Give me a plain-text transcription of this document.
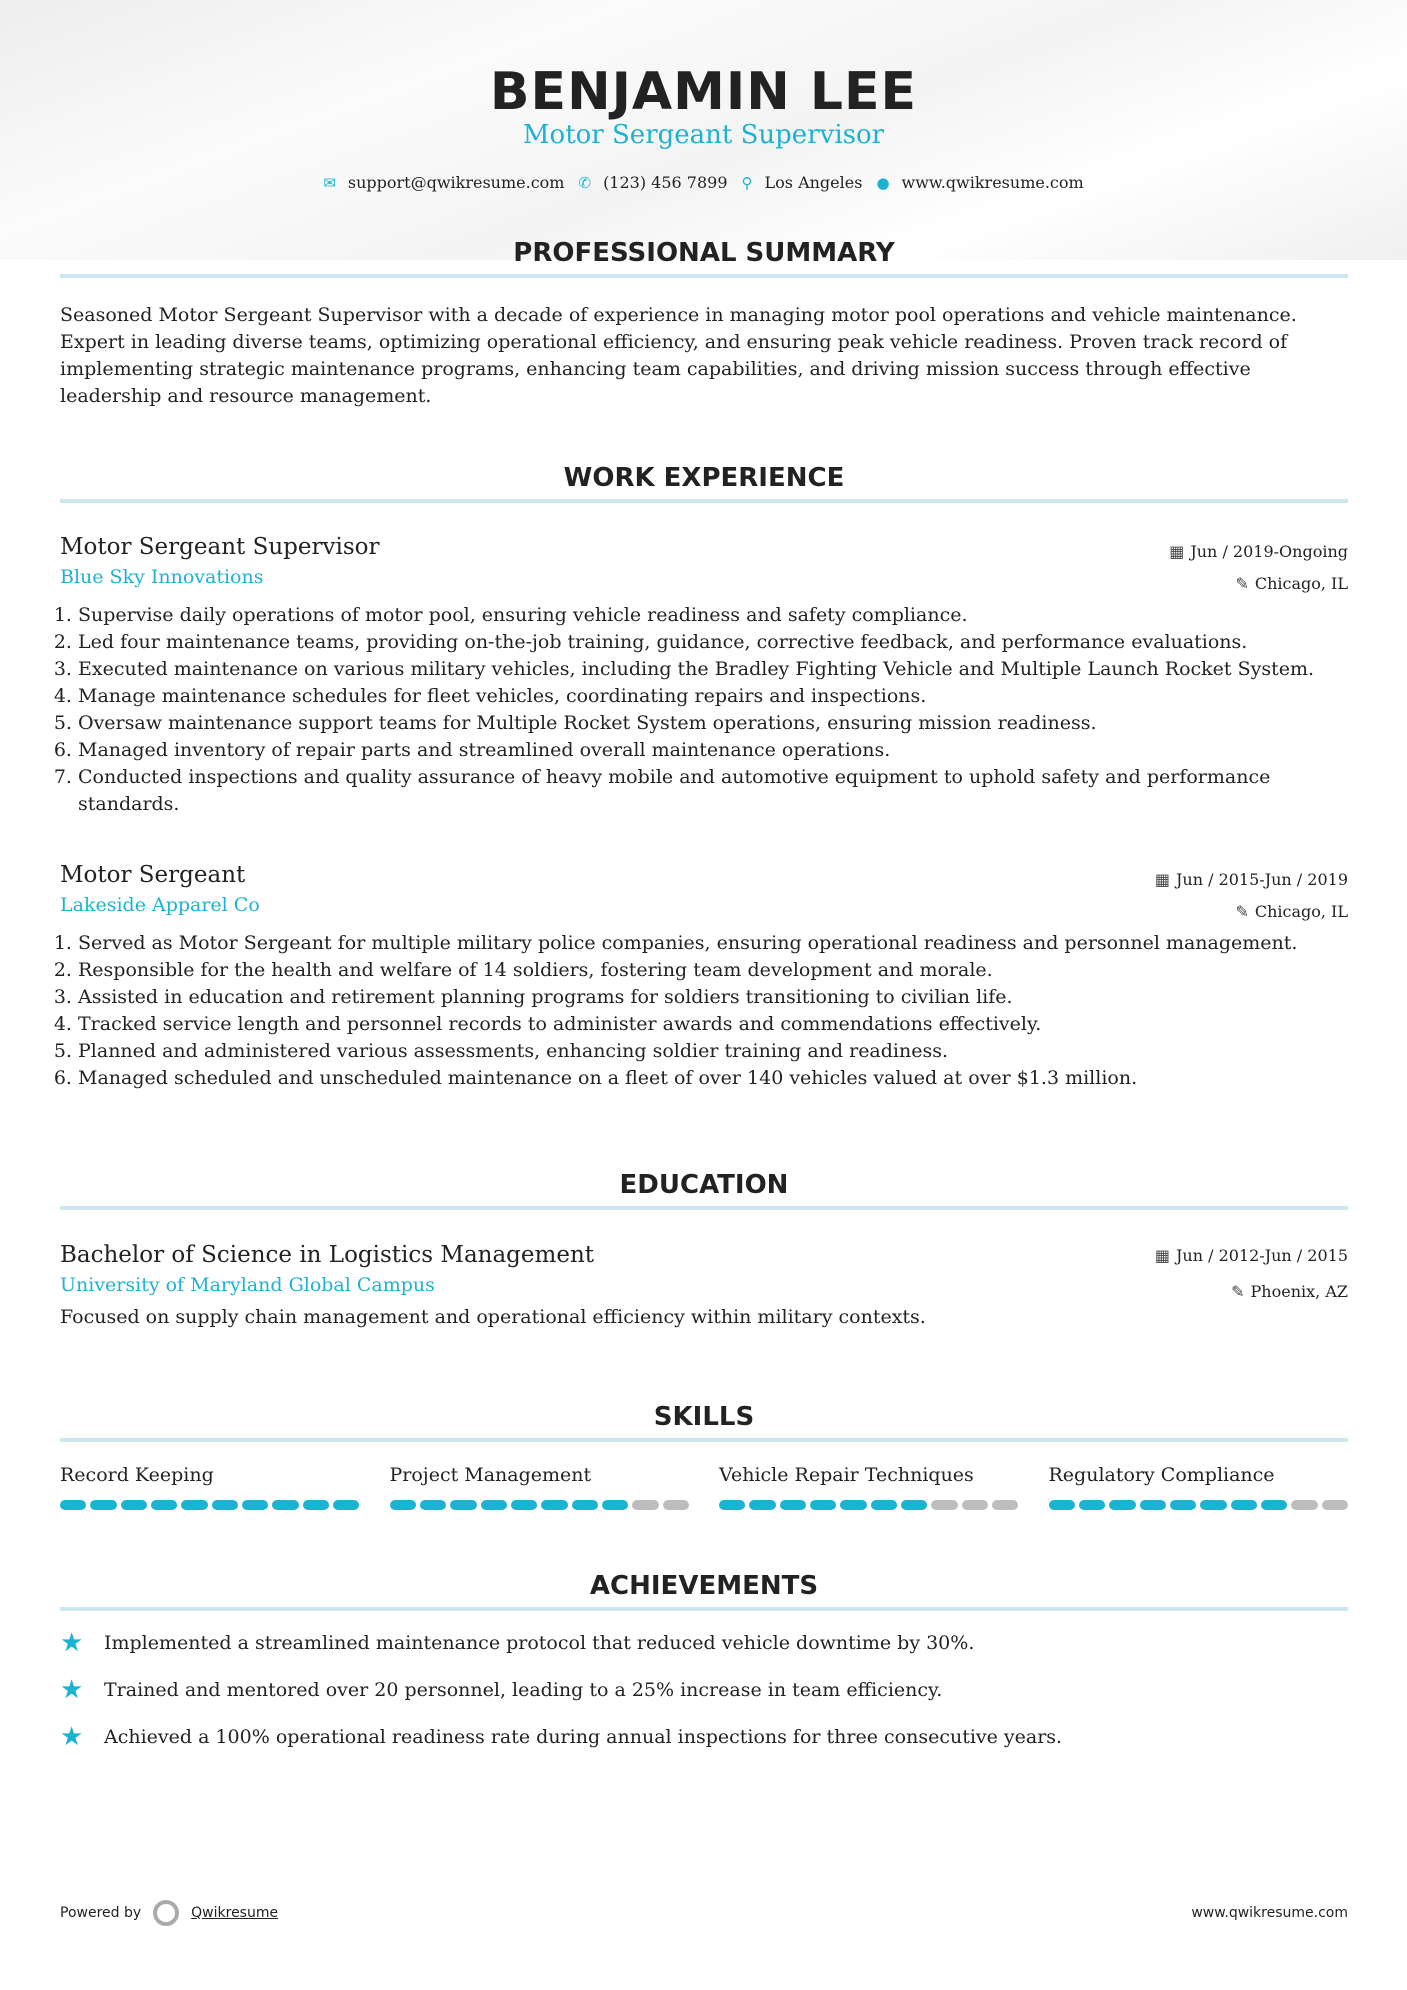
BENJAMIN LEE
Motor Sergeant Supervisor
✉ support@qwikresume.com ✆ (123) 456 7899 ⚲ Los Angeles ● www.qwikresume.com
PROFESSIONAL SUMMARY

Seasoned Motor Sergeant Supervisor with a decade of experience in managing motor pool operations and vehicle maintenance. Expert in leading diverse teams, optimizing operational efficiency, and ensuring peak vehicle readiness. Proven track record of implementing strategic maintenance programs, enhancing team capabilities, and driving mission success through effective leadership and resource management.

WORK EXPERIENCE
▦ Jun / 2019-Ongoing
✎ Chicago, IL
Motor Sergeant Supervisor
Blue Sky Innovations
1. Supervise daily operations of motor pool, ensuring vehicle readiness and safety compliance.
2. Led four maintenance teams, providing on-the-job training, guidance, corrective feedback, and performance evaluations.
3. Executed maintenance on various military vehicles, including the Bradley Fighting Vehicle and Multiple Launch Rocket System.
4. Manage maintenance schedules for fleet vehicles, coordinating repairs and inspections.
5. Oversaw maintenance support teams for Multiple Rocket System operations, ensuring mission readiness.
6. Managed inventory of repair parts and streamlined overall maintenance operations.
7. Conducted inspections and quality assurance of heavy mobile and automotive equipment to uphold safety and performance standards.
▦ Jun / 2015-Jun / 2019
✎ Chicago, IL
Motor Sergeant
Lakeside Apparel Co
1. Served as Motor Sergeant for multiple military police companies, ensuring operational readiness and personnel management.
2. Responsible for the health and welfare of 14 soldiers, fostering team development and morale.
3. Assisted in education and retirement planning programs for soldiers transitioning to civilian life.
4. Tracked service length and personnel records to administer awards and commendations effectively.
5. Planned and administered various assessments, enhancing soldier training and readiness.
6. Managed scheduled and unscheduled maintenance on a fleet of over 140 vehicles valued at over $1.3 million.
EDUCATION
▦ Jun / 2012-Jun / 2015
✎ Phoenix, AZ
Bachelor of Science in Logistics Management
University of Maryland Global Campus

Focused on supply chain management and operational efficiency within military contexts.

SKILLS
Record Keeping	Project Management	Vehicle Repair Techniques	Regulatory Compliance
ACHIEVEMENTS
★	Implemented a streamlined maintenance protocol that reduced vehicle downtime by 30%.
★	Trained and mentored over 20 personnel, leading to a 25% increase in team efficiency.
★	Achieved a 100% operational readiness rate during annual inspections for three consecutive years.
Powered by	Qwikresume	www.qwikresume.com
